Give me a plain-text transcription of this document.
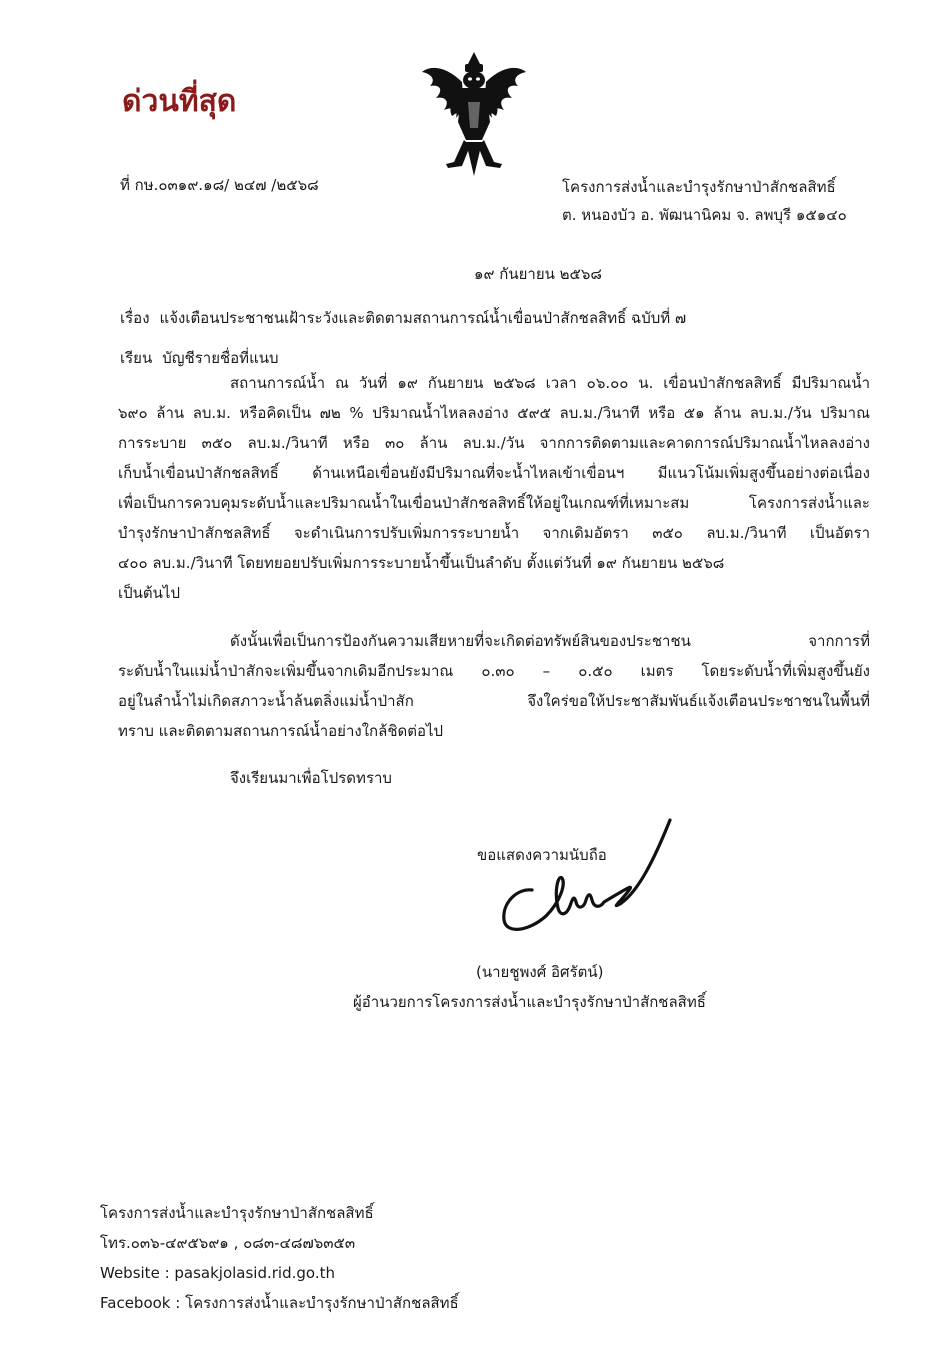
ด่วนที่สุด
ที่ กษ.๐๓๑๙.๑๘/ ๒๔๗ /๒๕๖๘	โครงการส่งน้ำและบำรุงรักษาป่าสักชลสิทธิ์
ต. หนองบัว อ. พัฒนานิคม จ. ลพบุรี ๑๕๑๔๐
๑๙ กันยายน ๒๕๖๘
เรื่อง แจ้งเตือนประชาชนเฝ้าระวังและติดตามสถานการณ์น้ำเขื่อนป่าสักชลสิทธิ์ ฉบับที่ ๗
เรียน บัญชีรายชื่อที่แนบ
สถานการณ์น้ำ ณ วันที่ ๑๙ กันยายน ๒๕๖๘ เวลา ๐๖.๐๐ น. เขื่อนป่าสักชลสิทธิ์ มีปริมาณน้ำ
๖๙๐ ล้าน ลบ.ม. หรือคิดเป็น ๗๒ % ปริมาณน้ำไหลลงอ่าง ๕๙๕ ลบ.ม./วินาที หรือ ๕๑ ล้าน ลบ.ม./วัน ปริมาณ
การระบาย ๓๕๐ ลบ.ม./วินาที หรือ ๓๐ ล้าน ลบ.ม./วัน จากการติดตามและคาดการณ์ปริมาณน้ำไหลลงอ่าง
เก็บน้ำเขื่อนป่าสักชลสิทธิ์ ด้านเหนือเขื่อนยังมีปริมาณที่จะน้ำไหลเข้าเขื่อนฯ มีแนวโน้มเพิ่มสูงขึ้นอย่างต่อเนื่อง
เพื่อเป็นการควบคุมระดับน้ำและปริมาณน้ำในเขื่อนป่าสักชลสิทธิ์ให้อยู่ในเกณฑ์ที่เหมาะสม โครงการส่งน้ำและ
บำรุงรักษาป่าสักชลสิทธิ์ จะดำเนินการปรับเพิ่มการระบายน้ำ จากเดิมอัตรา ๓๕๐ ลบ.ม./วินาที เป็นอัตรา
๔๐๐ ลบ.ม./วินาที โดยทยอยปรับเพิ่มการระบายน้ำขึ้นเป็นลำดับ ตั้งแต่วันที่ ๑๙ กันยายน ๒๕๖๘
เป็นต้นไป
ดังนั้นเพื่อเป็นการป้องกันความเสียหายที่จะเกิดต่อทรัพย์สินของประชาชน จากการที่
ระดับน้ำในแม่น้ำป่าสักจะเพิ่มขึ้นจากเดิมอีกประมาณ ๐.๓๐ – ๐.๕๐ เมตร โดยระดับน้ำที่เพิ่มสูงขึ้นยัง
อยู่ในลำน้ำไม่เกิดสภาวะน้ำล้นตลิ่งแม่น้ำป่าสัก จึงใคร่ขอให้ประชาสัมพันธ์แจ้งเตือนประชาชนในพื้นที่
ทราบ และติดตามสถานการณ์น้ำอย่างใกล้ชิดต่อไป
จึงเรียนมาเพื่อโปรดทราบ
ขอแสดงความนับถือ
(นายชูพงศ์ อิศรัตน์)
ผู้อำนวยการโครงการส่งน้ำและบำรุงรักษาป่าสักชลสิทธิ์
โครงการส่งน้ำและบำรุงรักษาป่าสักชลสิทธิ์
โทร.๐๓๖-๔๙๕๖๙๑ , ๐๘๓-๔๘๗๖๓๕๓
Website : pasakjolasid.rid.go.th
Facebook : โครงการส่งน้ำและบำรุงรักษาป่าสักชลสิทธิ์
